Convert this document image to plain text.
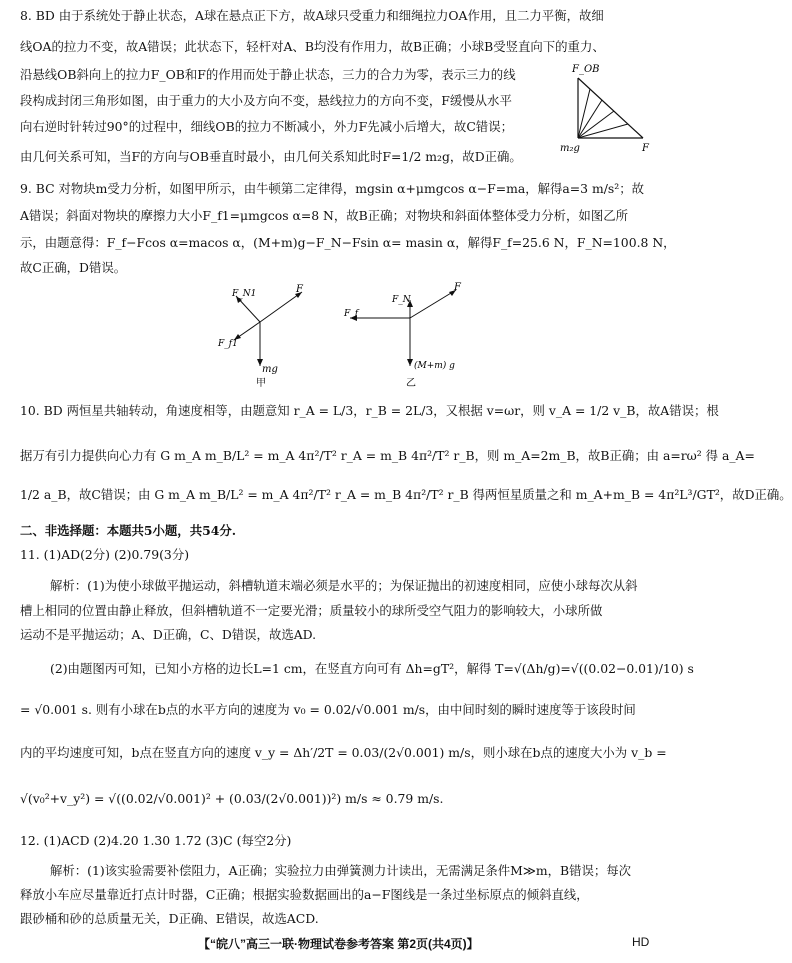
8. BD 由于系统处于静止状态，A球在悬点正下方，故A球只受重力和细绳拉力OA作用，且二力平衡，故细
线OA的拉力不变，故A错误；此状态下，轻杆对A、B均没有作用力，故B正确；小球B受竖直向下的重力、
沿悬线OB斜向上的拉力F_OB和F的作用而处于静止状态，三力的合力为零，表示三力的线
段构成封闭三角形如图，由于重力的大小及方向不变，悬线拉力的方向不变，F缓慢从水平
向右逆时针转过90°的过程中，细线OB的拉力不断减小，外力F先减小后增大，故C错误；
由几何关系可知，当F的方向与OB垂直时最小，由几何关系知此时F=1/2 m₂g，故D正确。
F_OB
m₂g	F
9. BC 对物块m受力分析，如图甲所示，由牛顿第二定律得，mgsin α+μmgcos α−F=ma，解得a=3 m/s²；故
A错误；斜面对物块的摩擦力大小F_f1=μmgcos α=8 N，故B正确；对物块和斜面体整体受力分析，如图乙所
示，由题意得：F_f−Fcos α=macos α，(M+m)g−F_N−Fsin α= masin α，解得F_f=25.6 N，F_N=100.8 N，
故C正确，D错误。
F_N1	F
F_f1
mg
甲
F_N
F
F_f
(M+m) g
乙
10. BD 两恒星共轴转动，角速度相等，由题意知 r_A = L/3，r_B = 2L/3，又根据 v=ωr，则 v_A = 1/2 v_B，故A错误；根
据万有引力提供向心力有 G m_A m_B/L² = m_A 4π²/T² r_A = m_B 4π²/T² r_B，则 m_A=2m_B，故B正确；由 a=rω² 得 a_A=
1/2 a_B，故C错误；由 G m_A m_B/L² = m_A 4π²/T² r_A = m_B 4π²/T² r_B 得两恒星质量之和 m_A+m_B = 4π²L³/GT²，故D正确。
二、非选择题：本题共5小题，共54分.
11. (1)AD(2分) (2)0.79(3分)
解析：(1)为使小球做平抛运动，斜槽轨道末端必须是水平的；为保证抛出的初速度相同，应使小球每次从斜
槽上相同的位置由静止释放，但斜槽轨道不一定要光滑；质量较小的球所受空气阻力的影响较大，小球所做
运动不是平抛运动；A、D正确，C、D错误，故选AD.
(2)由题图丙可知，已知小方格的边长L=1 cm，在竖直方向可有 Δh=gT²，解得 T=√(Δh/g)=√((0.02−0.01)/10) s
= √0.001 s. 则有小球在b点的水平方向的速度为 v₀ = 0.02/√0.001 m/s，由中间时刻的瞬时速度等于该段时间
内的平均速度可知，b点在竖直方向的速度 v_y = Δh′/2T = 0.03/(2√0.001) m/s，则小球在b点的速度大小为 v_b =
√(v₀²+v_y²) = √((0.02/√0.001)² + (0.03/(2√0.001))²) m/s ≈ 0.79 m/s.
12. (1)ACD (2)4.20 1.30 1.72 (3)C (每空2分)
解析：(1)该实验需要补偿阻力，A正确；实验拉力由弹簧测力计读出，无需满足条件M≫m，B错误；每次
释放小车应尽量靠近打点计时器，C正确；根据实验数据画出的a−F图线是一条过坐标原点的倾斜直线，
跟砂桶和砂的总质量无关，D正确、E错误，故选ACD.
【“皖八”高三一联·物理试卷参考答案 第2页(共4页)】	HD
